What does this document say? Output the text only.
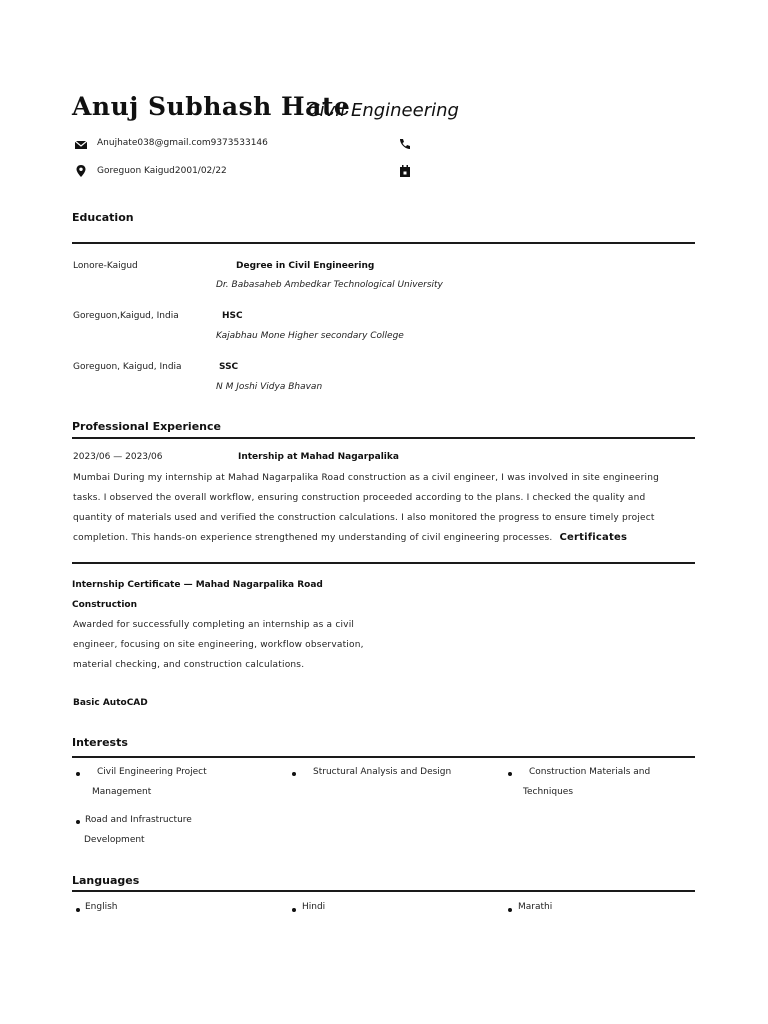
Anuj Subhash Hate
Civil Engineering
Anujhate038@gmail.com9373533146
Goreguon Kaigud2001/02/22
Education
Lonore-Kaigud	Degree in Civil Engineering
Dr. Babasaheb Ambedkar Technological University
Goreguon,Kaigud, India	HSC
Kajabhau Mone Higher secondary College
Goreguon, Kaigud, India	SSC
N M Joshi Vidya Bhavan
Professional Experience
2023/06 — 2023/06	Intership at Mahad Nagarpalika
Mumbai During my internship at Mahad Nagarpalika Road construction as a civil engineer, I was involved in site engineering
tasks. I observed the overall workflow, ensuring construction proceeded according to the plans. I checked the quality and
quantity of materials used and verified the construction calculations. I also monitored the progress to ensure timely project
completion. This hands-on experience strengthened my understanding of civil engineering processes. Certificates
Internship Certificate — Mahad Nagarpalika Road
Construction
Awarded for successfully completing an internship as a civil
engineer, focusing on site engineering, workflow observation,
material checking, and construction calculations.
Basic AutoCAD
Interests
Civil Engineering Project
Management
Structural Analysis and Design	Construction Materials and
Techniques
Road and Infrastructure
Development
Languages
English	Hindi	Marathi
